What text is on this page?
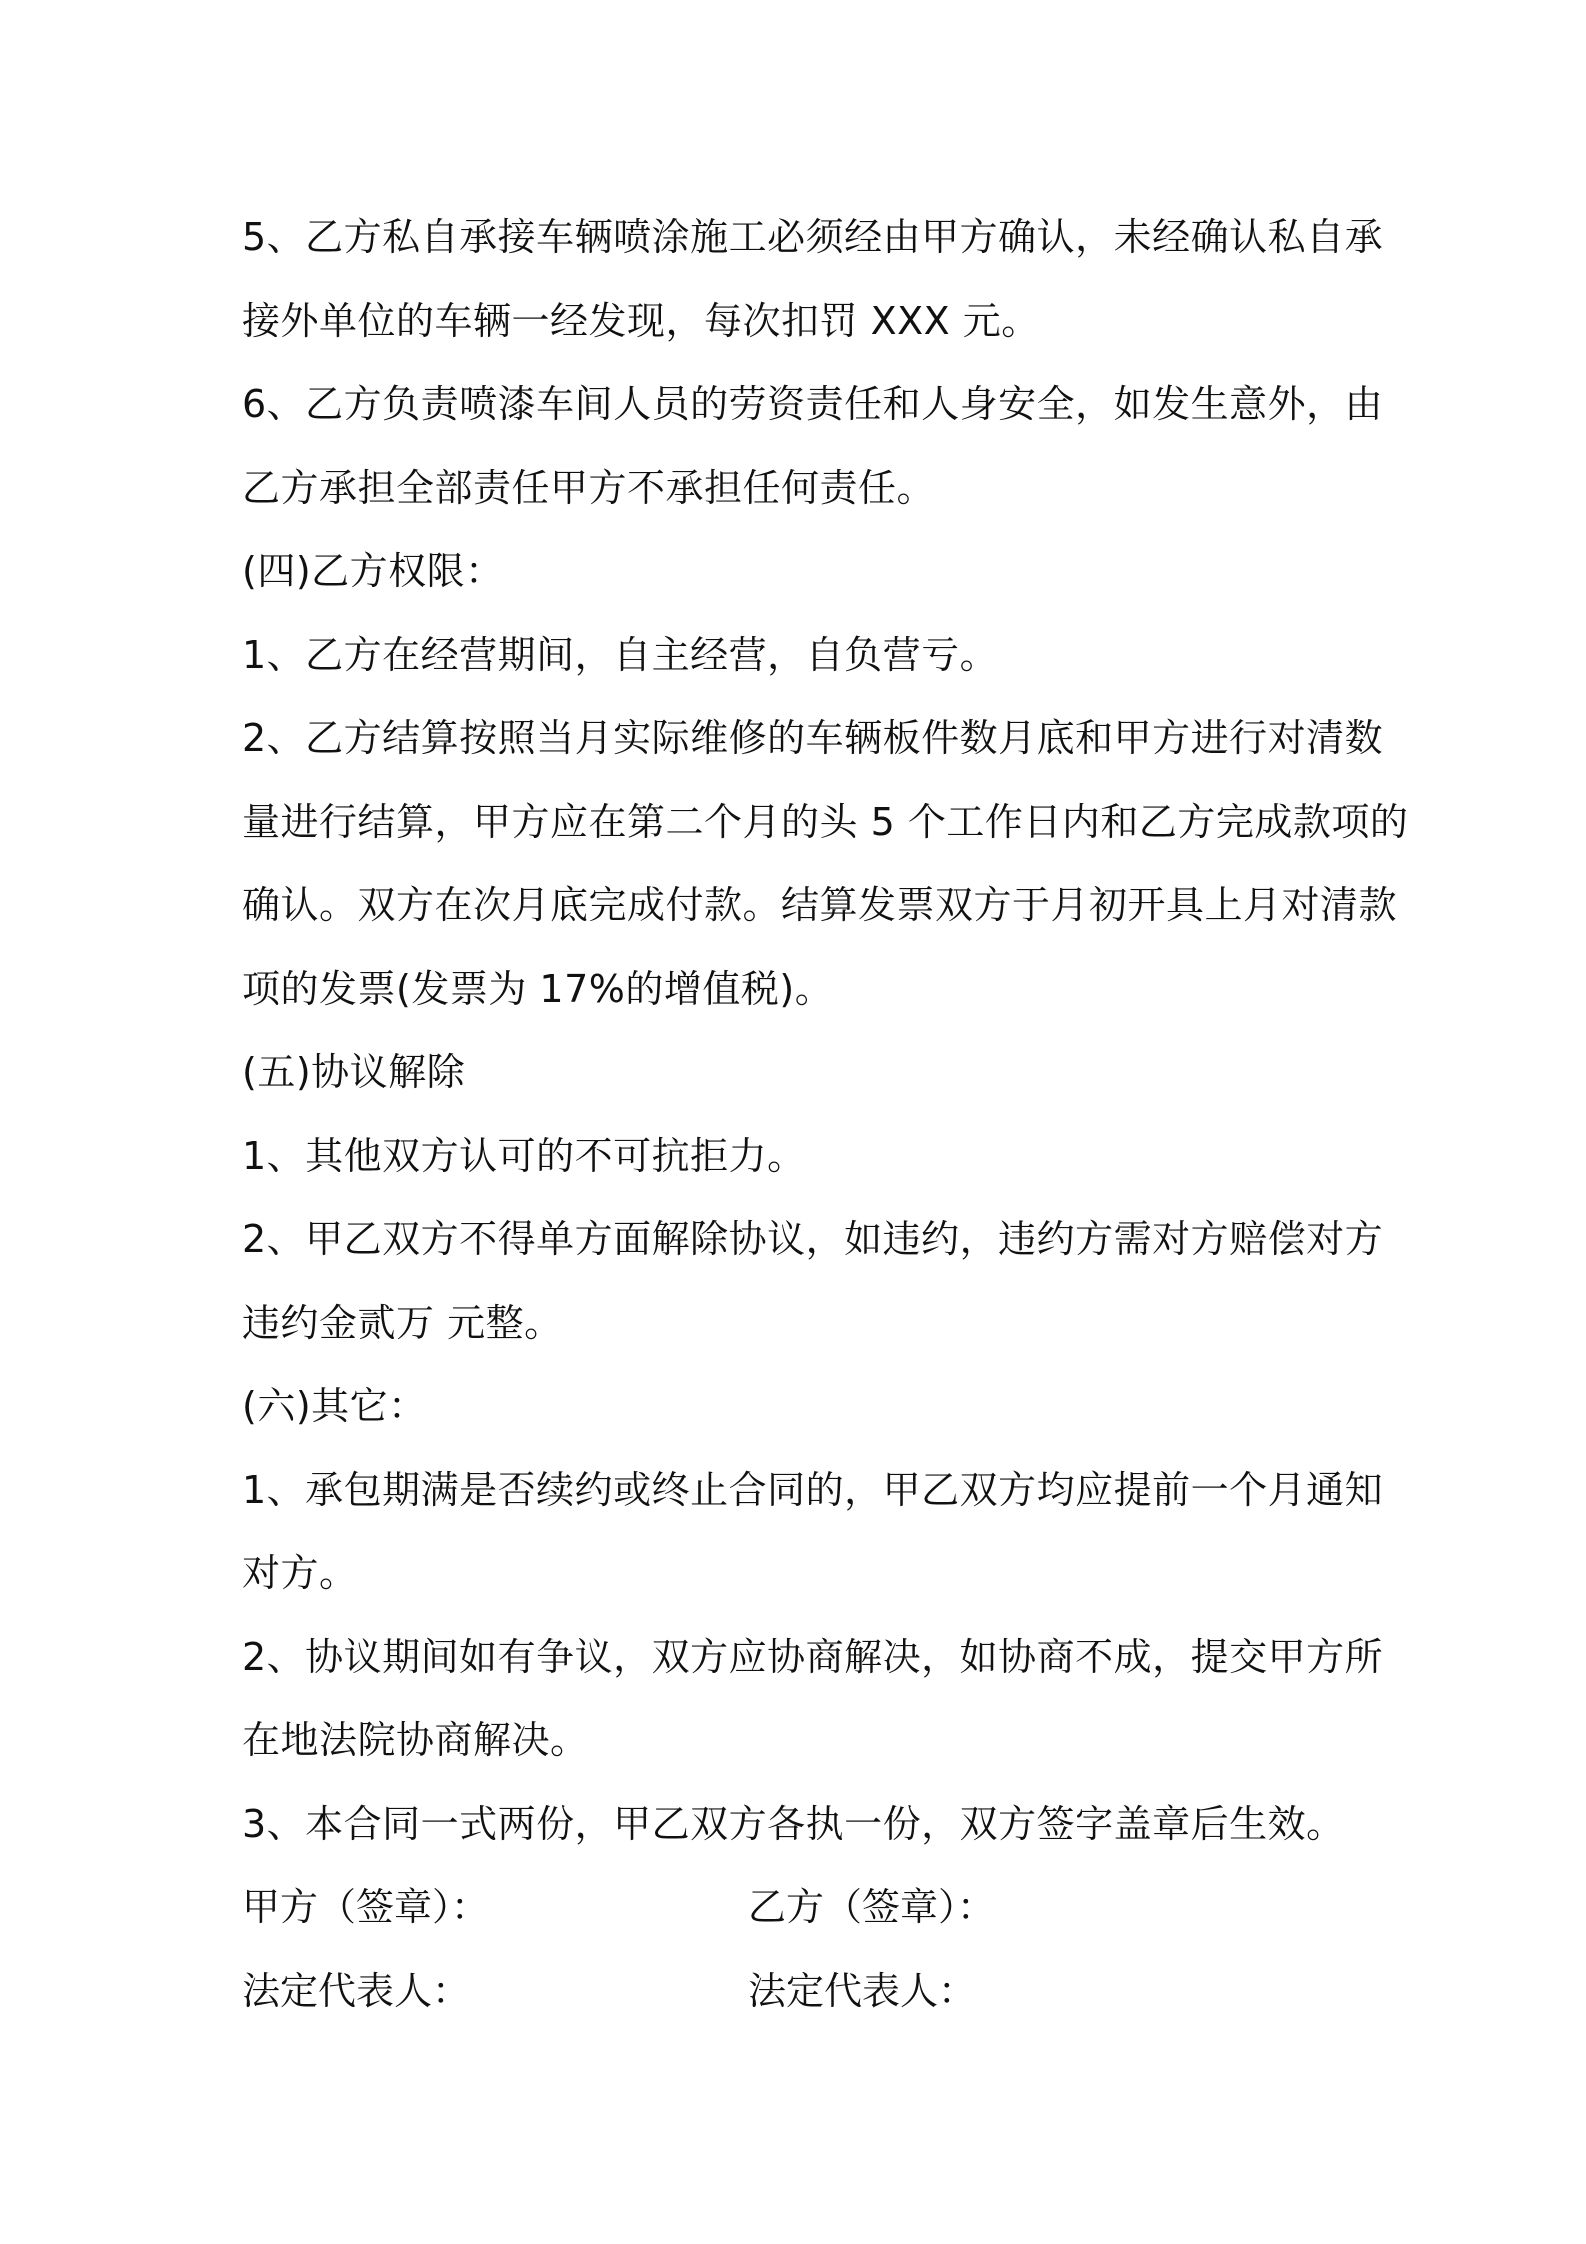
5、乙方私自承接车辆喷涂施工必须经由甲方确认，未经确认私自承

接外单位的车辆一经发现，每次扣罚 XXX 元。

6、乙方负责喷漆车间人员的劳资责任和人身安全，如发生意外，由

乙方承担全部责任甲方不承担任何责任。

(四)乙方权限：

1、乙方在经营期间，自主经营，自负营亏。

2、乙方结算按照当月实际维修的车辆板件数月底和甲方进行对清数

量进行结算，甲方应在第二个月的头 5 个工作日内和乙方完成款项的

确认。双方在次月底完成付款。结算发票双方于月初开具上月对清款

项的发票(发票为 17%的增值税)。

(五)协议解除

1、其他双方认可的不可抗拒力。

2、甲乙双方不得单方面解除协议，如违约，违约方需对方赔偿对方

违约金贰万 元整。

(六)其它：

1、承包期满是否续约或终止合同的，甲乙双方均应提前一个月通知

对方。

2、协议期间如有争议，双方应协商解决，如协商不成，提交甲方所

在地法院协商解决。

3、本合同一式两份，甲乙双方各执一份，双方签字盖章后生效。

甲方（签章）：	乙方（签章）：
法定代表人：	法定代表人：
